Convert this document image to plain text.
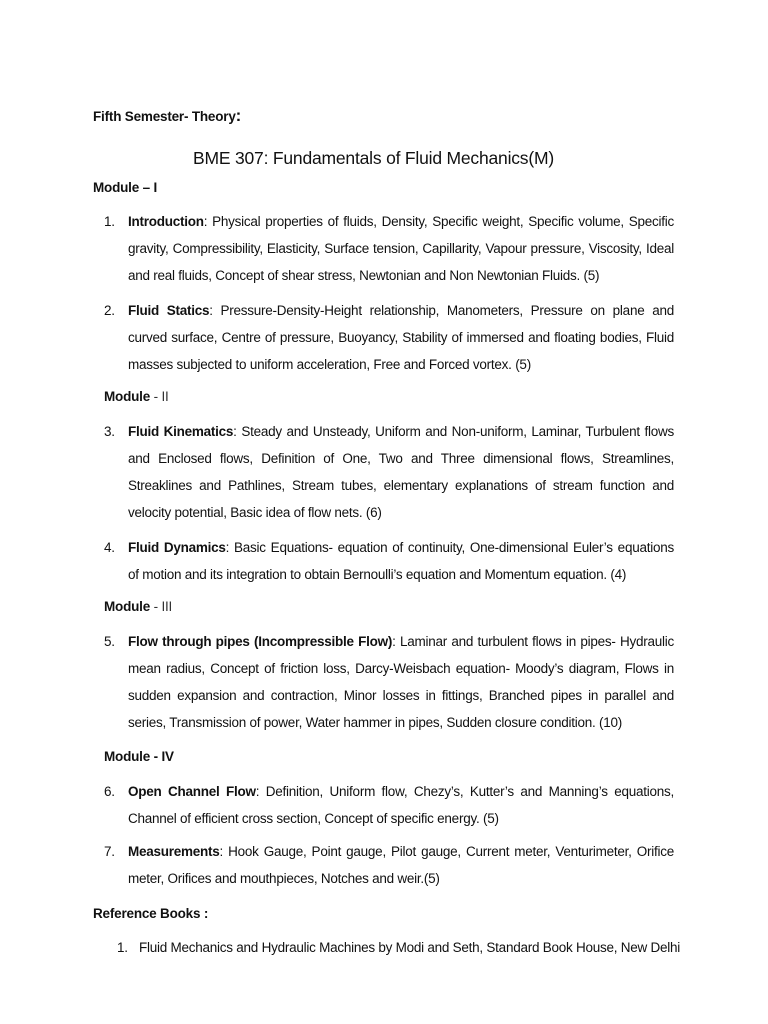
Fifth Semester- Theory:
BME 307: Fundamentals of Fluid Mechanics(M)
Module – I
1. Introduction: Physical properties of fluids, Density, Specific weight, Specific volume, Specific gravity, Compressibility, Elasticity, Surface tension, Capillarity, Vapour pressure, Viscosity, Ideal and real fluids, Concept of shear stress, Newtonian and Non Newtonian Fluids. (5)
2. Fluid Statics: Pressure-Density-Height relationship, Manometers, Pressure on plane and curved surface, Centre of pressure, Buoyancy, Stability of immersed and floating bodies, Fluid masses subjected to uniform acceleration, Free and Forced vortex. (5)
Module - II
3. Fluid Kinematics: Steady and Unsteady, Uniform and Non-uniform, Laminar, Turbulent flows and Enclosed flows, Definition of One, Two and Three dimensional flows, Streamlines, Streaklines and Pathlines, Stream tubes, elementary explanations of stream function and velocity potential, Basic idea of flow nets. (6)
4. Fluid Dynamics: Basic Equations- equation of continuity, One-dimensional Euler’s equations of motion and its integration to obtain Bernoulli’s equation and Momentum equation. (4)
Module - III
5. Flow through pipes (Incompressible Flow): Laminar and turbulent flows in pipes- Hydraulic mean radius, Concept of friction loss, Darcy-Weisbach equation- Moody’s diagram, Flows in sudden expansion and contraction, Minor losses in fittings, Branched pipes in parallel and series, Transmission of power, Water hammer in pipes, Sudden closure condition. (10)
Module - IV
6. Open Channel Flow: Definition, Uniform flow, Chezy’s, Kutter’s and Manning’s equations, Channel of efficient cross section, Concept of specific energy. (5)
7. Measurements: Hook Gauge, Point gauge, Pilot gauge, Current meter, Venturimeter, Orifice meter, Orifices and mouthpieces, Notches and weir.(5)
Reference Books :
1. Fluid Mechanics and Hydraulic Machines by Modi and Seth, Standard Book House, New Delhi
